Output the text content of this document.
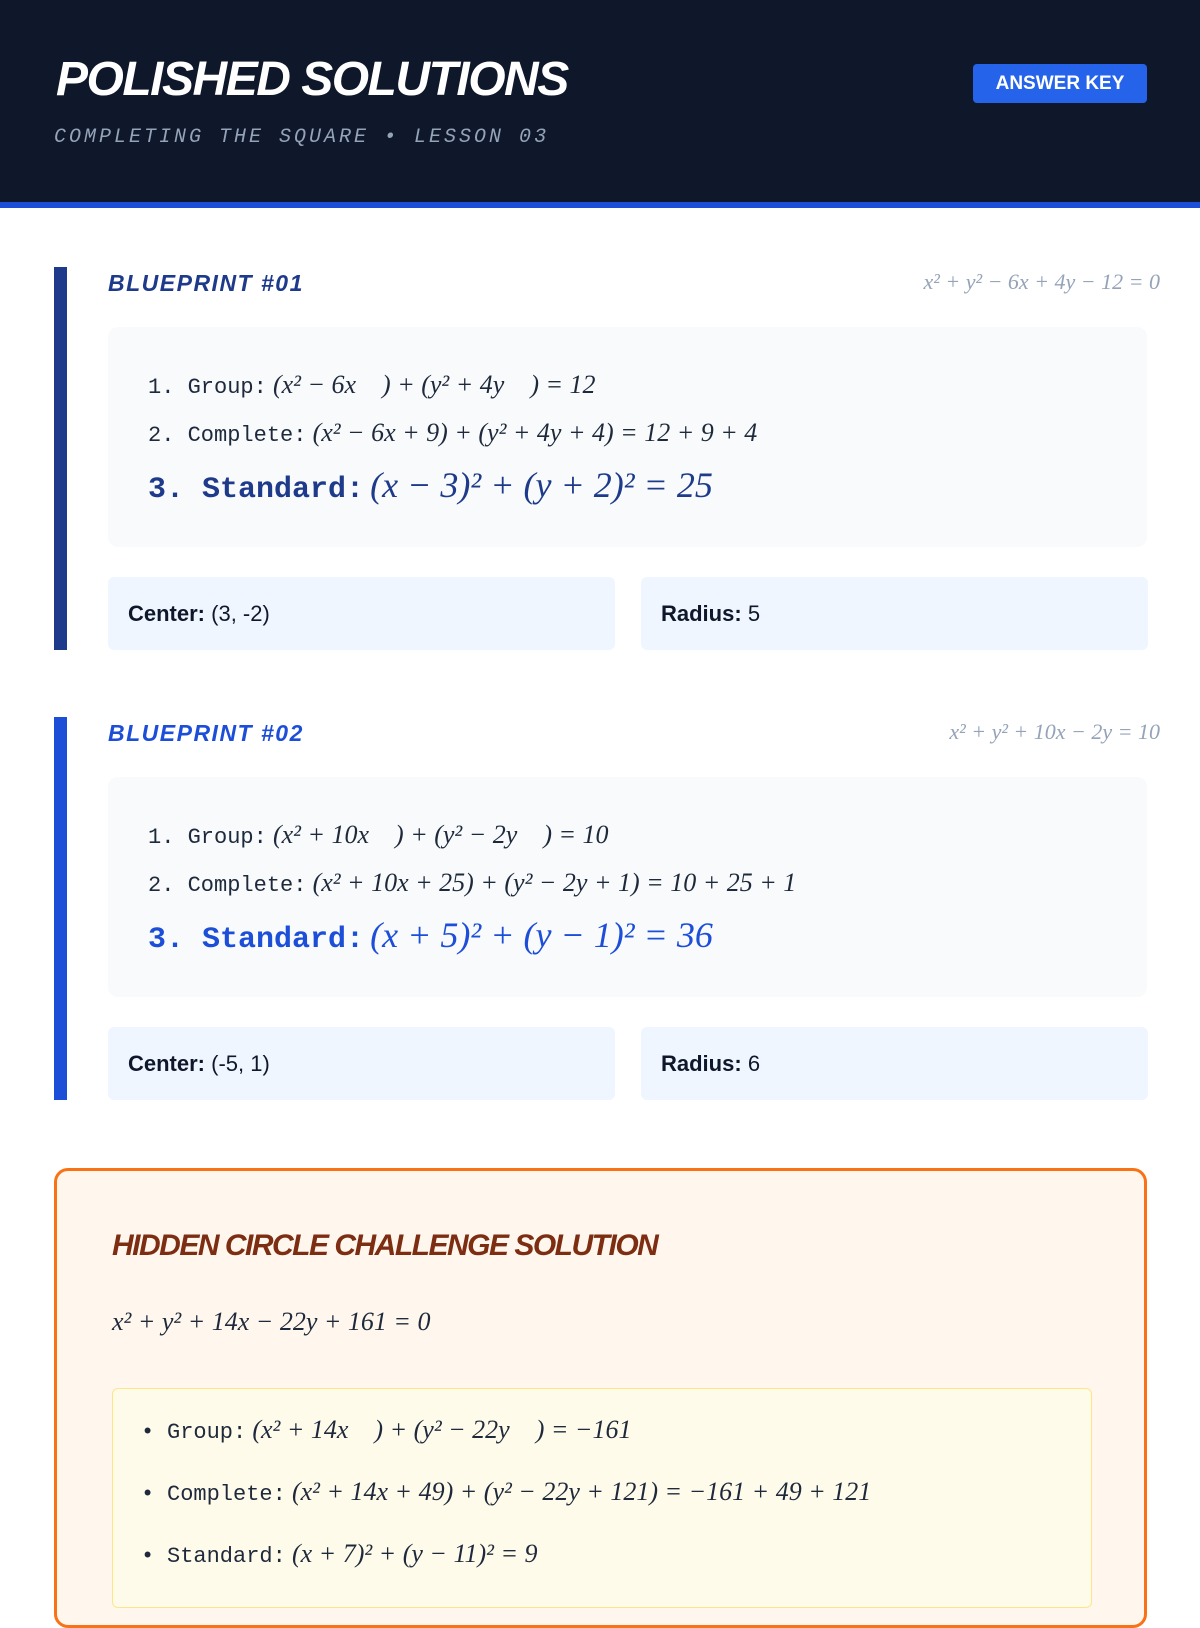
POLISHED SOLUTIONS
COMPLETING THE SQUARE • LESSON 03
ANSWER KEY
BLUEPRINT #01	x² + y² − 6x + 4y − 12 = 0
1. Group: (x² − 6x    ) + (y² + 4y    ) = 12
2. Complete: (x² − 6x + 9) + (y² + 4y + 4) = 12 + 9 + 4
3. Standard: (x − 3)² + (y + 2)² = 25
Center: (3, -2)	Radius: 5
BLUEPRINT #02	x² + y² + 10x − 2y = 10
1. Group: (x² + 10x    ) + (y² − 2y    ) = 10
2. Complete: (x² + 10x + 25) + (y² − 2y + 1) = 10 + 25 + 1
3. Standard: (x + 5)² + (y − 1)² = 36
Center: (-5, 1)	Radius: 6
HIDDEN CIRCLE CHALLENGE SOLUTION
x² + y² + 14x − 22y + 161 = 0
• Group: (x² + 14x    ) + (y² − 22y    ) = −161
• Complete: (x² + 14x + 49) + (y² − 22y + 121) = −161 + 49 + 121
• Standard: (x + 7)² + (y − 11)² = 9
